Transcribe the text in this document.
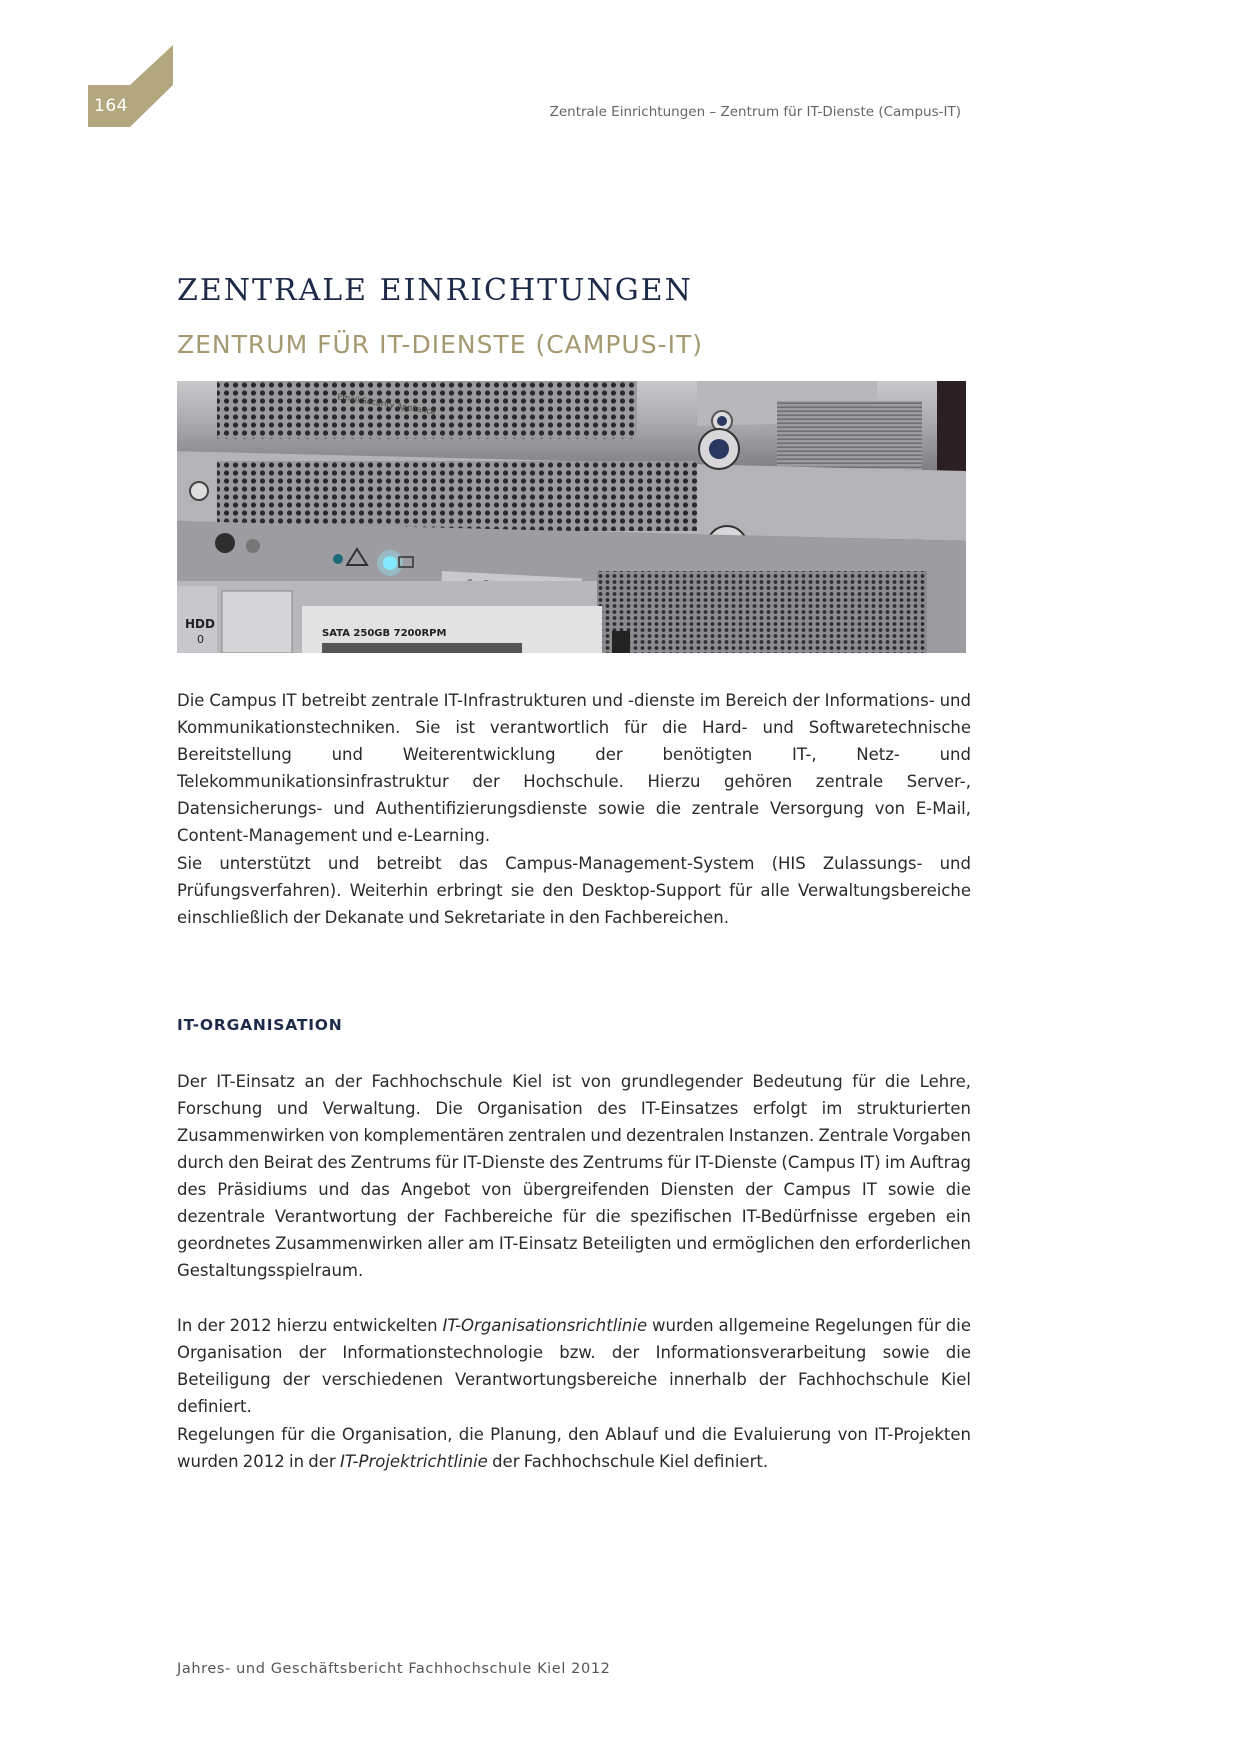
164	Zentrale Einrichtungen – Zentrum für IT-Dienste (Campus-IT)
ZENTRALE EINRICHTUNGEN
ZENTRUM FÜR IT-DIENSTE (CAMPUS-IT)
HDD
0	SATA 250GB 7200RPM
Email Security Appliance

Die Campus IT betreibt zentrale IT-Infrastrukturen und -dienste im Bereich der Informations- und Kommunikationstechniken. Sie ist verantwortlich für die Hard- und Softwaretechnische Bereitstellung und Weiterentwicklung der benötigten IT-, Netz- und Telekommunikationsinfrastruktur der Hochschule. Hierzu gehören zentrale Server-, Datensicherungs- und Authentifizierungsdienste sowie die zentrale Versorgung von E-Mail, Content-Management und e-Learning.

Sie unterstützt und betreibt das Campus-Management-System (HIS Zulassungs- und Prüfungsverfahren). Weiterhin erbringt sie den Desktop-Support für alle Verwaltungsbereiche einschließlich der Dekanate und Sekretariate in den Fachbereichen.

IT-ORGANISATION

Der IT-Einsatz an der Fachhochschule Kiel ist von grundlegender Bedeutung für die Lehre, Forschung und Verwaltung. Die Organisation des IT-Einsatzes erfolgt im strukturierten Zusammenwirken von komplementären zentralen und dezentralen Instanzen. Zentrale Vorgaben durch den Beirat des Zentrums für IT-Dienste des Zentrums für IT-Dienste (Campus IT) im Auftrag des Präsidiums und das Angebot von übergreifenden Diensten der Campus IT sowie die dezentrale Verantwortung der Fachbereiche für die spezifischen IT-Bedürfnisse ergeben ein geordnetes Zusammenwirken aller am IT-Einsatz Beteiligten und ermöglichen den erforderlichen Gestaltungsspielraum.

In der 2012 hierzu entwickelten IT-Organisationsrichtlinie wurden allgemeine Regelungen für die Organisation der Informationstechnologie bzw. der Informationsverarbeitung sowie die Beteiligung der verschiedenen Verantwortungsbereiche innerhalb der Fachhochschule Kiel definiert.

Regelungen für die Organisation, die Planung, den Ablauf und die Evaluierung von IT-Projekten wurden 2012 in der IT-Projektrichtlinie der Fachhochschule Kiel definiert.

Jahres- und Geschäftsbericht Fachhochschule Kiel 2012
